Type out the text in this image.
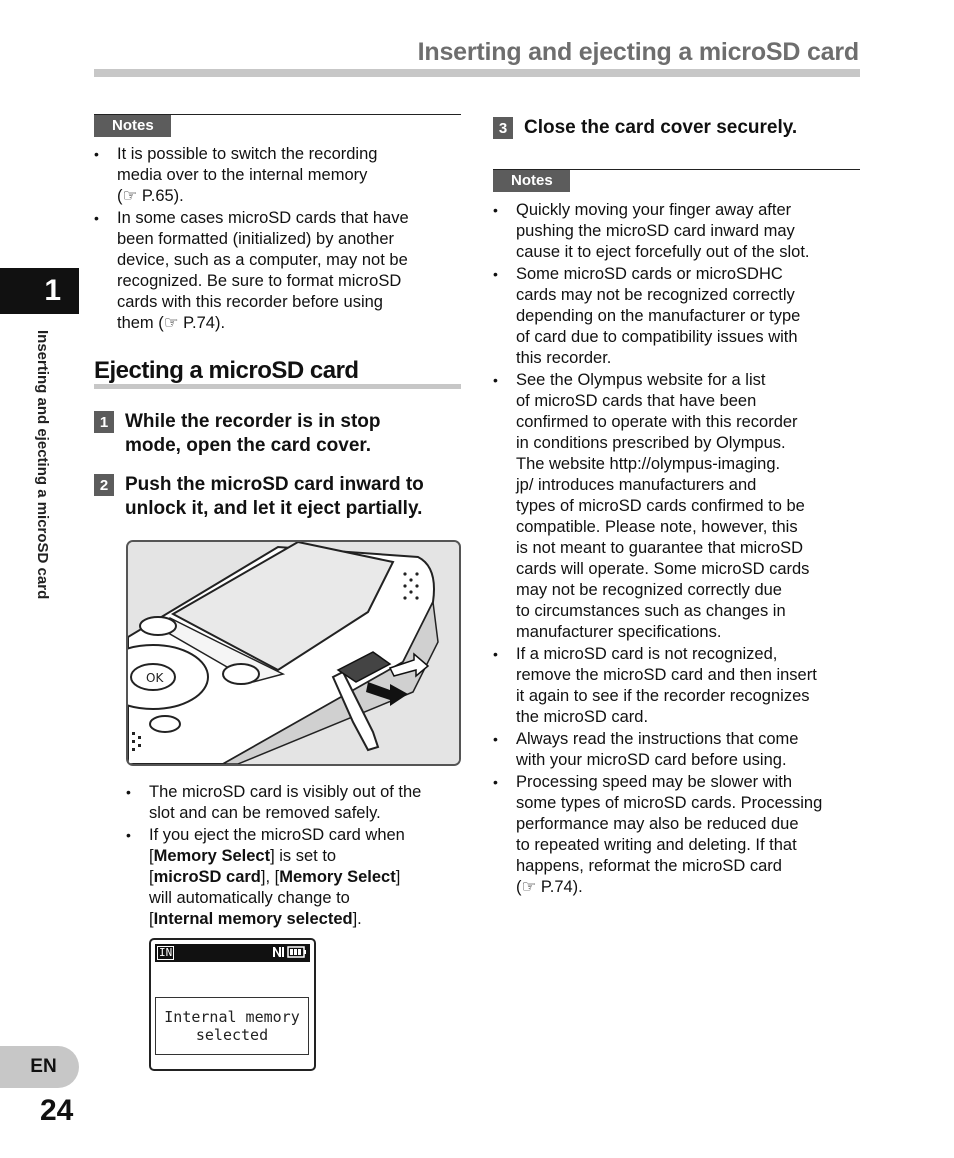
Inserting and ejecting a microSD card
1
Inserting and ejecting a microSD card
EN
24
Notes
• It is possible to switch the recording
media over to the internal memory
(☞ P.65).
• In some cases microSD cards that have
been formatted (initialized) by another
device, such as a computer, may not be
recognized. Be sure to format microSD
cards with this recorder before using
them (☞ P.74).
Ejecting a microSD card
1 While the recorder is in stop
mode, open the card cover.
2 Push the microSD card inward to
unlock it, and let it eject partially.
OK
• The microSD card is visibly out of the
slot and can be removed safely.
• If you eject the microSD card when
[Memory Select] is set to
[microSD card], [Memory Select]
will automatically change to
[Internal memory selected].
IN
Internal memory
selected
3 Close the card cover securely.
Notes
• Quickly moving your finger away after
pushing the microSD card inward may
cause it to eject forcefully out of the slot.
• Some microSD cards or microSDHC
cards may not be recognized correctly
depending on the manufacturer or type
of card due to compatibility issues with
this recorder.
• See the Olympus website for a list
of microSD cards that have been
confirmed to operate with this recorder
in conditions prescribed by Olympus.
The website http://olympus-imaging.
jp/ introduces manufacturers and
types of microSD cards confirmed to be
compatible. Please note, however, this
is not meant to guarantee that microSD
cards will operate. Some microSD cards
may not be recognized correctly due
to circumstances such as changes in
manufacturer specifications.
• If a microSD card is not recognized,
remove the microSD card and then insert
it again to see if the recorder recognizes
the microSD card.
• Always read the instructions that come
with your microSD card before using.
• Processing speed may be slower with
some types of microSD cards. Processing
performance may also be reduced due
to repeated writing and deleting. If that
happens, reformat the microSD card
(☞ P.74).
